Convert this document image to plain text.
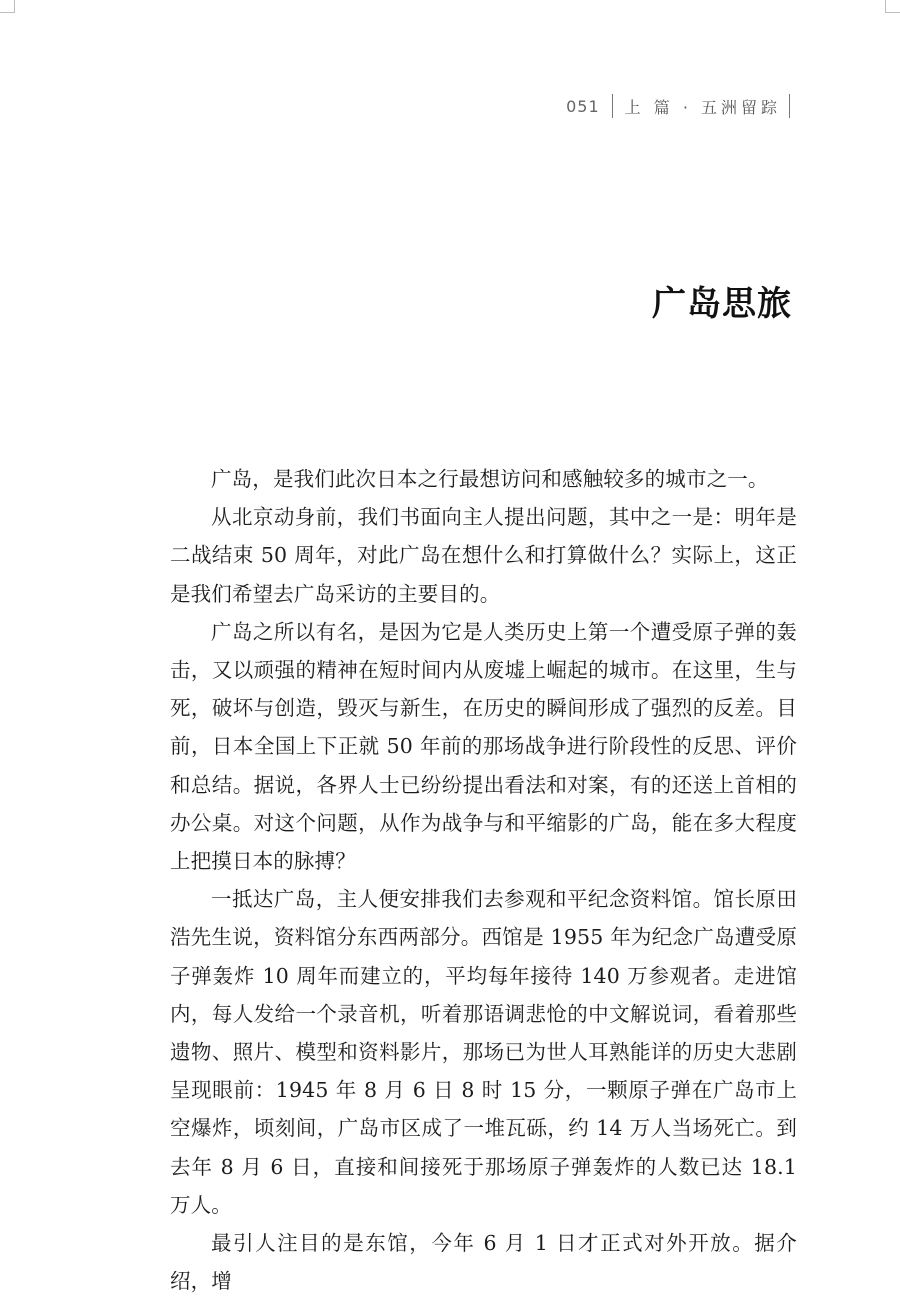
051 上 篇 · 五洲留踪
广岛思旅

广岛，是我们此次日本之行最想访问和感触较多的城市之一。

从北京动身前，我们书面向主人提出问题，其中之一是：明年是二战结束 50 周年，对此广岛在想什么和打算做什么？实际上，这正是我们希望去广岛采访的主要目的。

广岛之所以有名，是因为它是人类历史上第一个遭受原子弹的轰击，又以顽强的精神在短时间内从废墟上崛起的城市。在这里，生与死，破坏与创造，毁灭与新生，在历史的瞬间形成了强烈的反差。目前，日本全国上下正就 50 年前的那场战争进行阶段性的反思、评价和总结。据说，各界人士已纷纷提出看法和对案，有的还送上首相的办公桌。对这个问题，从作为战争与和平缩影的广岛，能在多大程度上把摸日本的脉搏？

一抵达广岛，主人便安排我们去参观和平纪念资料馆。馆长原田浩先生说，资料馆分东西两部分。西馆是 1955 年为纪念广岛遭受原子弹轰炸 10 周年而建立的，平均每年接待 140 万参观者。走进馆内，每人发给一个录音机，听着那语调悲怆的中文解说词，看着那些遗物、照片、模型和资料影片，那场已为世人耳熟能详的历史大悲剧呈现眼前：1945 年 8 月 6 日 8 时 15 分，一颗原子弹在广岛市上空爆炸，顷刻间，广岛市区成了一堆瓦砾，约 14 万人当场死亡。到去年 8 月 6 日，直接和间接死于那场原子弹轰炸的人数已达 18.1 万人。

最引人注目的是东馆，今年 6 月 1 日才正式对外开放。据介绍，增
